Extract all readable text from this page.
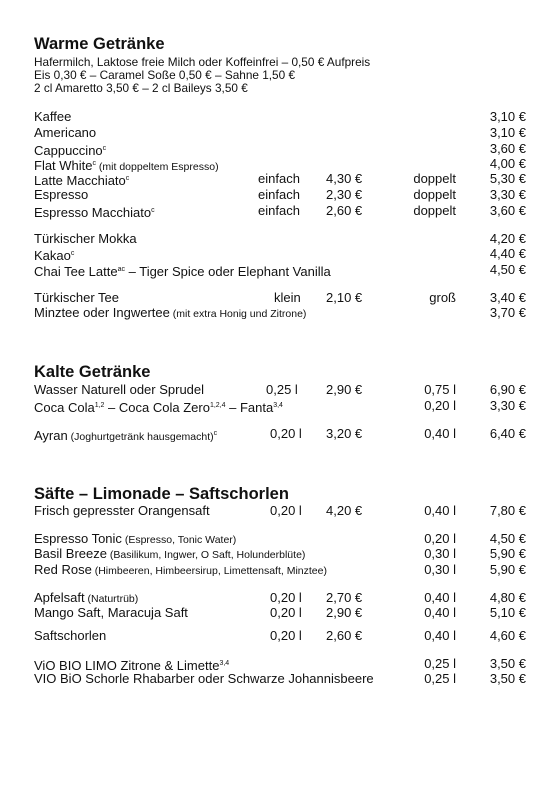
Warme Getränke
Hafermilch, Laktose freie Milch oder Koffeinfrei – 0,50 € Aufpreis
Eis 0,30 € – Caramel Soße 0,50 € – Sahne 1,50 €
2 cl Amaretto 3,50 € – 2 cl Baileys 3,50 €
Kaffee	3,10 €
Americano	3,10 €
Cappuccino$^c$	3,60 €
Flat White$^c$ (mit doppeltem Espresso)	4,00 €
Latte Macchiato$^c$	einfach 4,30 €	doppelt	5,30 €
Espresso	einfach 2,30 €	doppelt	3,30 €
Espresso Macchiato$^c$	einfach 2,60 €	doppelt	3,60 €
Türkischer Mokka	4,20 €
Kakao$^c$	4,40 €
Chai Tee Latte$^{ac}$ – Tiger Spice oder Elephant Vanilla	4,50 €
Türkischer Tee	klein 2,10 €	groß	3,40 €
Minztee oder Ingwertee (mit extra Honig und Zitrone)	3,70 €
Kalte Getränke
Wasser Naturell oder Sprudel	0,25 l 2,90 €	0,75 l	6,90 €
Coca Cola$^{1,2}$ – Coca Cola Zero$^{1,2,4}$ – Fanta$^{3,4}$	0,20 l	3,30 €
Ayran (Joghurtgetränk hausgemacht)$^c$	0,20 l 3,20 €	0,40 l	6,40 €
Säfte – Limonade – Saftschorlen
Frisch gepresster Orangensaft	0,20 l 4,20 €	0,40 l	7,80 €
Espresso Tonic (Espresso, Tonic Water)	0,20 l	4,50 €
Basil Breeze (Basilikum, Ingwer, O Saft, Holunderblüte)	0,30 l	5,90 €
Red Rose (Himbeeren, Himbeersirup, Limettensaft, Minztee)	0,30 l	5,90 €
Apfelsaft (Naturtrüb)	0,20 l 2,70 €	0,40 l	4,80 €
Mango Saft, Maracuja Saft	0,20 l 2,90 €	0,40 l	5,10 €
Saftschorlen	0,20 l 2,60 €	0,40 l	4,60 €
ViO BIO LIMO Zitrone & Limette$^{3,4}$	0,25 l	3,50 €
VIO BiO Schorle Rhabarber oder Schwarze Johannisbeere	0,25 l	3,50 €
